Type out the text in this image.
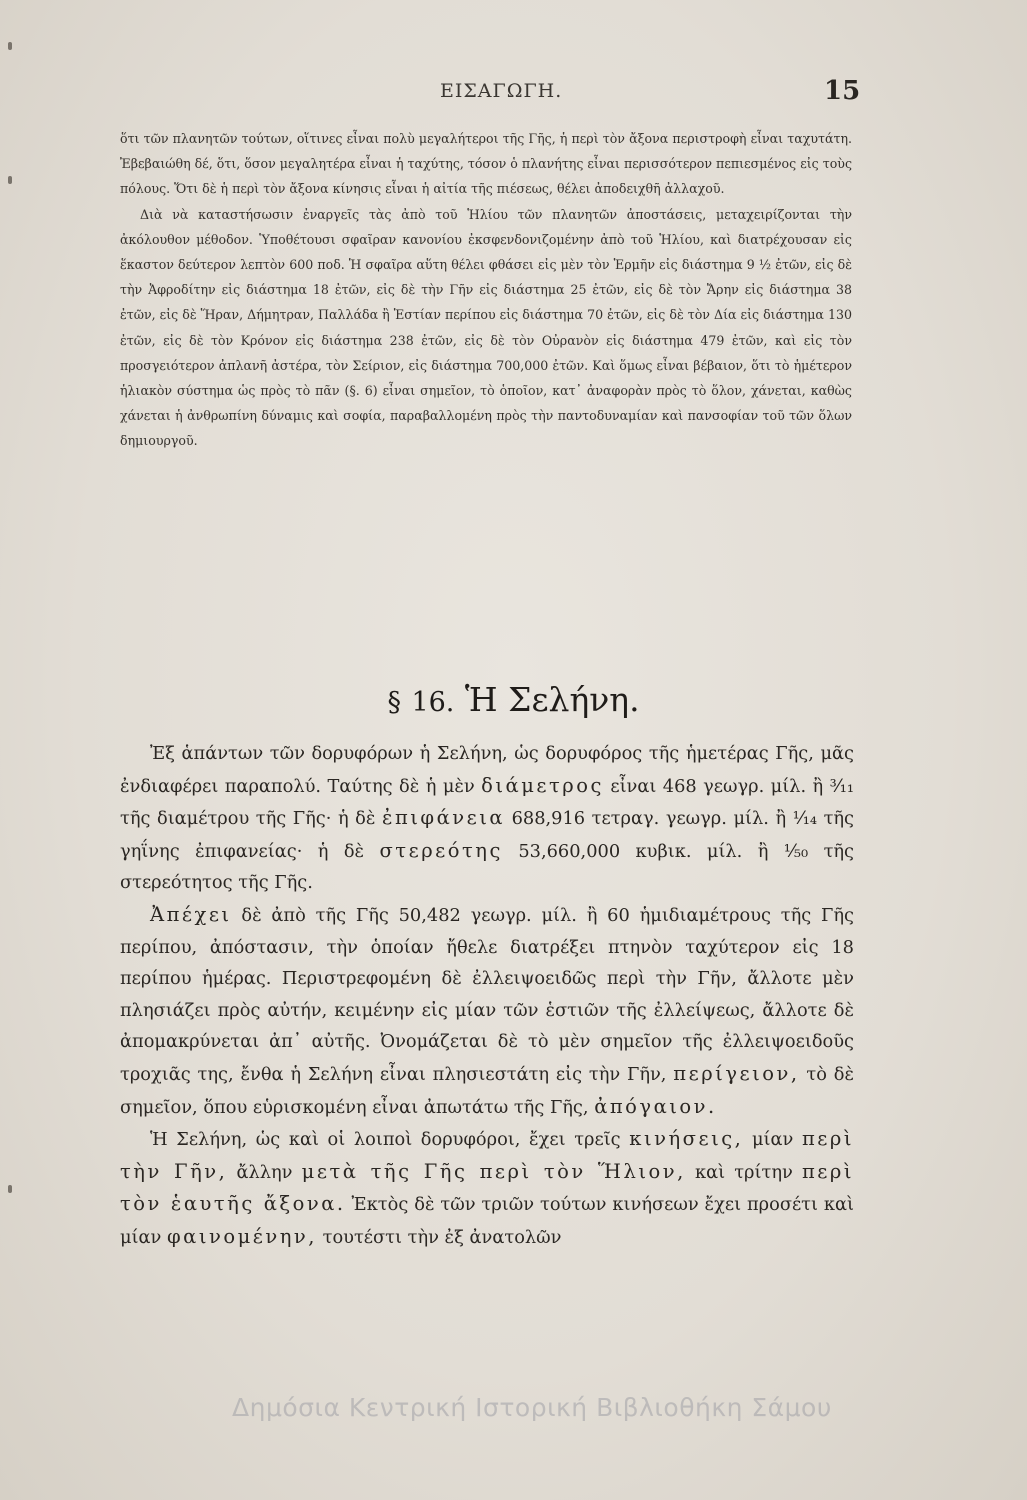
ΕΙΣΑΓΩΓΗ.	15

ὅτι τῶν πλανητῶν τούτων, οἵτινες εἶναι πολὺ μεγαλήτεροι τῆς Γῆς, ἡ περὶ τὸν ἄξονα περιστροφὴ εἶναι ταχυτάτη. Ἐβεβαιώθη δέ, ὅτι, ὅσον μεγαλητέρα εἶναι ἡ ταχύτης, τόσον ὁ πλανήτης εἶναι περισσότερον πεπιεσμένος εἰς τοὺς πόλους. Ὅτι δὲ ἡ περὶ τὸν ἄξονα κίνησις εἶναι ἡ αἰτία τῆς πιέσεως, θέλει ἀποδειχθῆ ἀλλαχοῦ.

Διὰ νὰ καταστήσωσιν ἐναργεῖς τὰς ἀπὸ τοῦ Ἡλίου τῶν πλανητῶν ἀποστάσεις, μεταχειρίζονται τὴν ἀκόλουθον μέθοδον. Ὑποθέτουσι σφαῖραν κανονίου ἐκσφενδονιζομένην ἀπὸ τοῦ Ἡλίου, καὶ διατρέχουσαν εἰς ἕκαστον δεύτερον λεπτὸν 600 ποδ. Ἡ σφαῖρα αὕτη θέλει φθάσει εἰς μὲν τὸν Ἑρμῆν εἰς διάστημα 9 ½ ἐτῶν, εἰς δὲ τὴν Ἀφροδίτην εἰς διάστημα 18 ἐτῶν, εἰς δὲ τὴν Γῆν εἰς διάστημα 25 ἐτῶν, εἰς δὲ τὸν Ἄρην εἰς διάστημα 38 ἐτῶν, εἰς δὲ Ἥραν, Δήμητραν, Παλλάδα ἢ Ἑστίαν περίπου εἰς διάστημα 70 ἐτῶν, εἰς δὲ τὸν Δία εἰς διάστημα 130 ἐτῶν, εἰς δὲ τὸν Κρόνον εἰς διάστημα 238 ἐτῶν, εἰς δὲ τὸν Οὐρανὸν εἰς διάστημα 479 ἐτῶν, καὶ εἰς τὸν προσγειότερον ἀπλανῆ ἀστέρα, τὸν Σείριον, εἰς διάστημα 700,000 ἐτῶν. Καὶ ὅμως εἶναι βέβαιον, ὅτι τὸ ἡμέτερον ἡλιακὸν σύστημα ὡς πρὸς τὸ πᾶν (§. 6) εἶναι σημεῖον, τὸ ὁποῖον, κατ᾽ ἀναφορὰν πρὸς τὸ ὅλον, χάνεται, καθὼς χάνεται ἡ ἀνθρωπίνη δύναμις καὶ σοφία, παραβαλλομένη πρὸς τὴν παντοδυναμίαν καὶ πανσοφίαν τοῦ τῶν ὅλων δημιουργοῦ.

§ 16. Ἡ Σελήνη.

Ἐξ ἁπάντων τῶν δορυφόρων ἡ Σελήνη, ὡς δορυφόρος τῆς ἡμετέρας Γῆς, μᾶς ἐνδιαφέρει παραπολύ. Ταύτης δὲ ἡ μὲν διάμετρος εἶναι 468 γεωγρ. μίλ. ἢ ³⁄₁₁ τῆς διαμέτρου τῆς Γῆς· ἡ δὲ ἐπιφάνεια 688,916 τετραγ. γεωγρ. μίλ. ἢ ¹⁄₁₄ τῆς γηΐνης ἐπιφανείας· ἡ δὲ στερεότης 53,660,000 κυβικ. μίλ. ἢ ¹⁄₅₀ τῆς στερεότητος τῆς Γῆς.

Ἀπέχει δὲ ἀπὸ τῆς Γῆς 50,482 γεωγρ. μίλ. ἢ 60 ἡμιδιαμέτρους τῆς Γῆς περίπου, ἀπόστασιν, τὴν ὁποίαν ἤθελε διατρέξει πτηνὸν ταχύτερον εἰς 18 περίπου ἡμέρας. Περιστρεφομένη δὲ ἐλλειψοειδῶς περὶ τὴν Γῆν, ἄλλοτε μὲν πλησιάζει πρὸς αὐτήν, κειμένην εἰς μίαν τῶν ἑστιῶν τῆς ἐλλείψεως, ἄλλοτε δὲ ἀπομακρύνεται ἀπ᾽ αὐτῆς. Ὀνομάζεται δὲ τὸ μὲν σημεῖον τῆς ἐλλειψοειδοῦς τροχιᾶς της, ἔνθα ἡ Σελήνη εἶναι πλησιεστάτη εἰς τὴν Γῆν, περίγειον, τὸ δὲ σημεῖον, ὅπου εὑρισκομένη εἶναι ἀπωτάτω τῆς Γῆς, ἀπόγαιον.

Ἡ Σελήνη, ὡς καὶ οἱ λοιποὶ δορυφόροι, ἔχει τρεῖς κινήσεις, μίαν περὶ τὴν Γῆν, ἄλλην μετὰ τῆς Γῆς περὶ τὸν Ἥλιον, καὶ τρίτην περὶ τὸν ἑαυτῆς ἄξονα. Ἐκτὸς δὲ τῶν τριῶν τούτων κινήσεων ἔχει προσέτι καὶ μίαν φαινομένην, τουτέστι τὴν ἐξ ἀνατολῶν

Δημόσια Κεντρική Ιστορική Βιβλιοθήκη Σάμου
